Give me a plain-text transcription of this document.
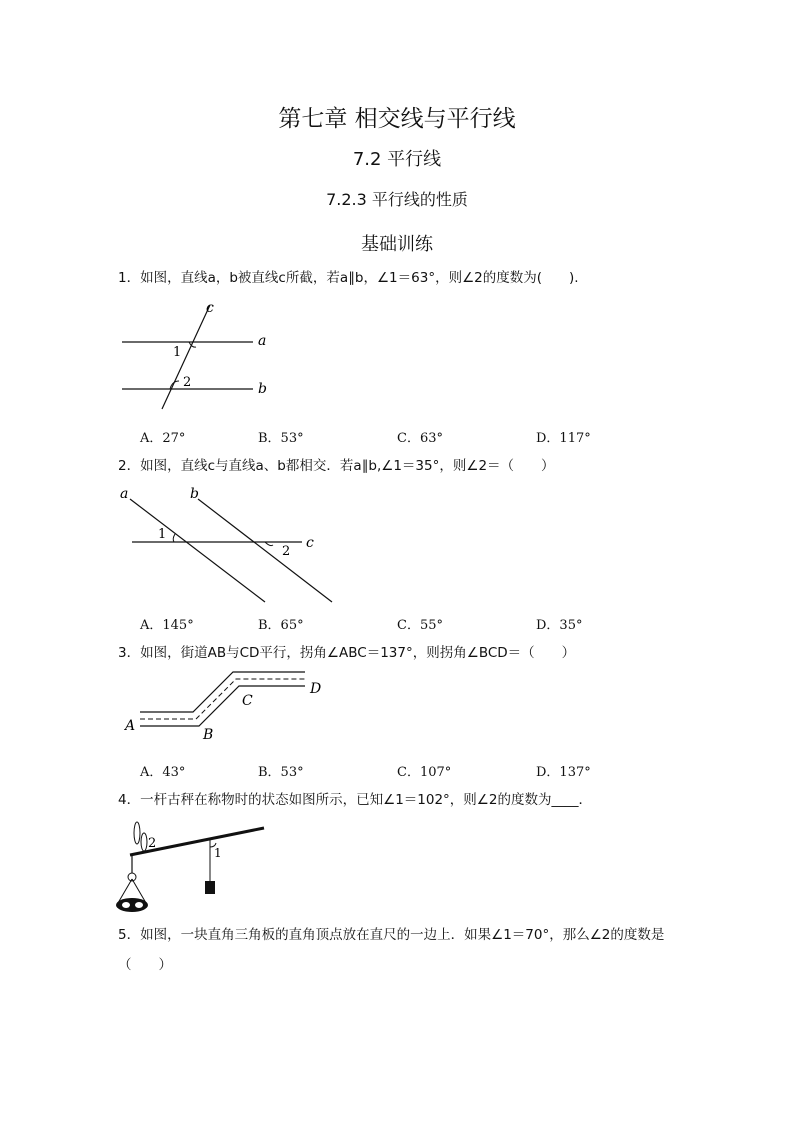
第七章 相交线与平行线
7.2 平行线
7.2.3 平行线的性质
基础训练
1．如图，直线a，b被直线c所截，若a∥b，∠1＝63°，则∠2的度数为(　　).
c
a
b
1
2
A．27°	B．53°	C．63°	D．117°
2．如图，直线c与直线a、b都相交．若a∥b,∠1＝35°，则∠2＝（　　）
a	b
c
1
2
A．145°	B．65°	C．55°	D．35°
3．如图，街道AB与CD平行，拐角∠ABC＝137°，则拐角∠BCD＝（　　）
A
B
C
D
A．43°	B．53°	C．107°	D．137°
4．一杆古秤在称物时的状态如图所示，已知∠1＝102°，则∠2的度数为____．
2
1
5．如图，一块直角三角板的直角顶点放在直尺的一边上．如果∠1＝70°，那么∠2的度数是（　　）
